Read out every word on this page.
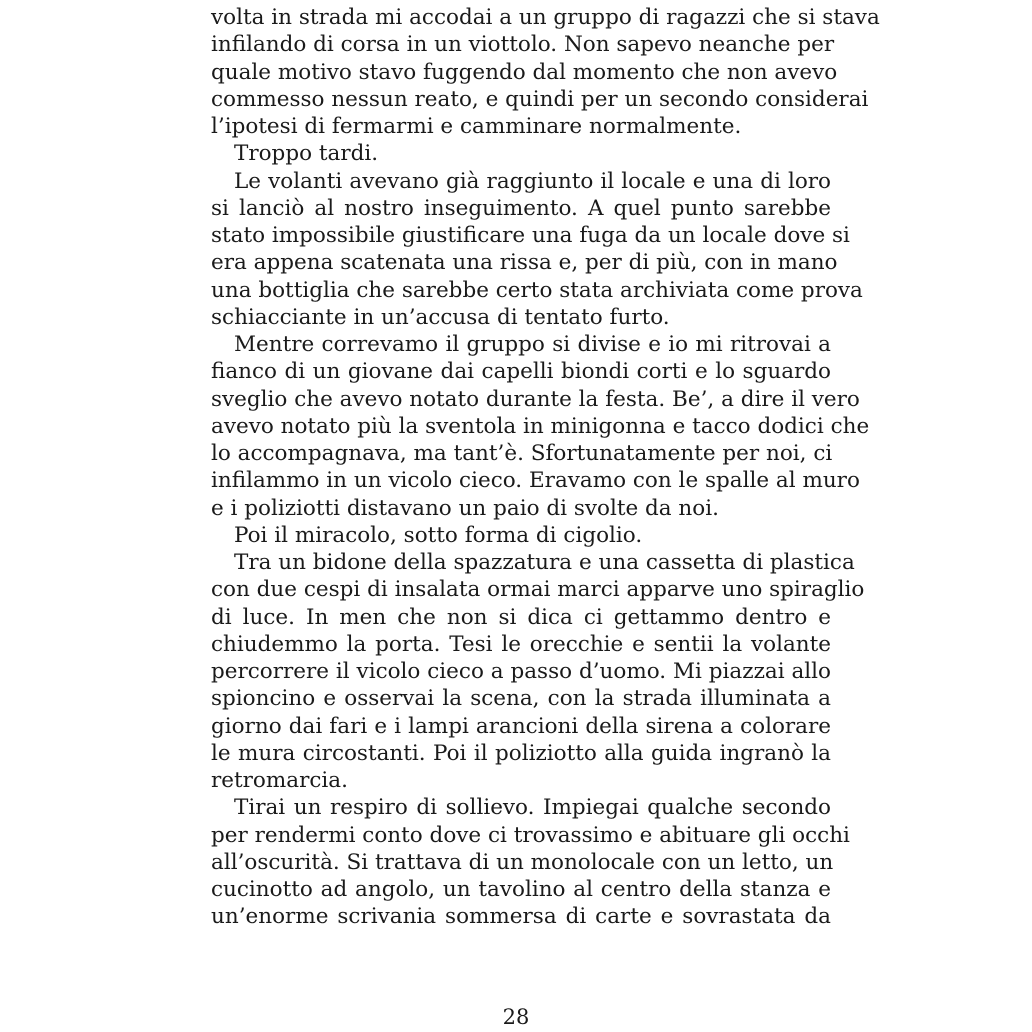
volta in strada mi accodai a un gruppo di ragazzi che si stava
infilando di corsa in un viottolo. Non sapevo neanche per
quale motivo stavo fuggendo dal momento che non avevo
commesso nessun reato, e quindi per un secondo considerai
l’ipotesi di fermarmi e camminare normalmente.
Troppo tardi.
Le volanti avevano già raggiunto il locale e una di loro
si lanciò al nostro inseguimento. A quel punto sarebbe
stato impossibile giustificare una fuga da un locale dove si
era appena scatenata una rissa e, per di più, con in mano
una bottiglia che sarebbe certo stata archiviata come prova
schiacciante in un’accusa di tentato furto.
Mentre correvamo il gruppo si divise e io mi ritrovai a
fianco di un giovane dai capelli biondi corti e lo sguardo
sveglio che avevo notato durante la festa. Be’, a dire il vero
avevo notato più la sventola in minigonna e tacco dodici che
lo accompagnava, ma tant’è. Sfortunatamente per noi, ci
infilammo in un vicolo cieco. Eravamo con le spalle al muro
e i poliziotti distavano un paio di svolte da noi.
Poi il miracolo, sotto forma di cigolio.
Tra un bidone della spazzatura e una cassetta di plastica
con due cespi di insalata ormai marci apparve uno spiraglio
di luce. In men che non si dica ci gettammo dentro e
chiudemmo la porta. Tesi le orecchie e sentii la volante
percorrere il vicolo cieco a passo d’uomo. Mi piazzai allo
spioncino e osservai la scena, con la strada illuminata a
giorno dai fari e i lampi arancioni della sirena a colorare
le mura circostanti. Poi il poliziotto alla guida ingranò la
retromarcia.
Tirai un respiro di sollievo. Impiegai qualche secondo
per rendermi conto dove ci trovassimo e abituare gli occhi
all’oscurità. Si trattava di un monolocale con un letto, un
cucinotto ad angolo, un tavolino al centro della stanza e
un’enorme scrivania sommersa di carte e sovrastata da
28
